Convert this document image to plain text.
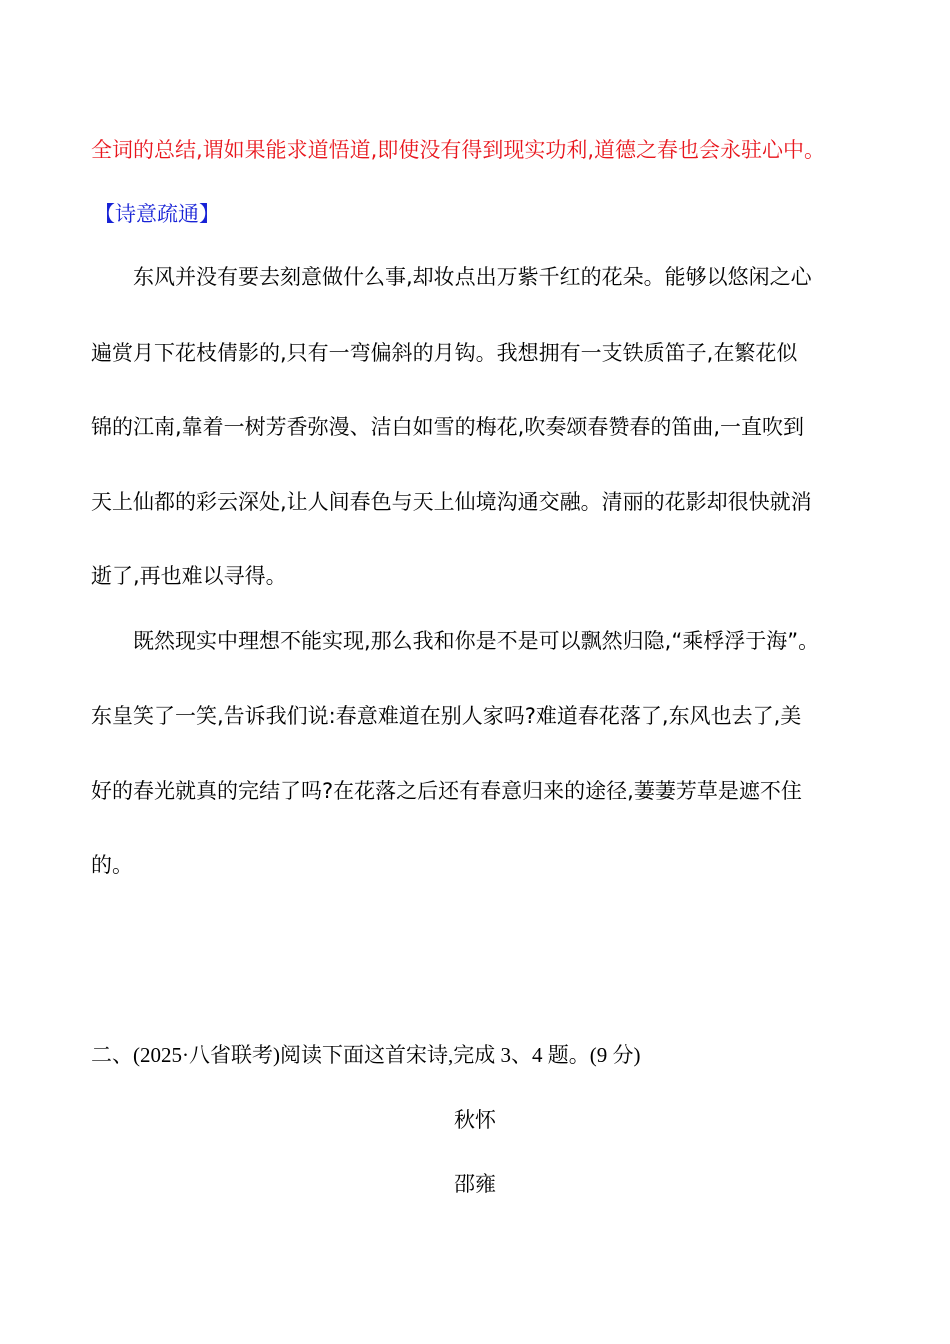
全词的总结,谓如果能求道悟道,即使没有得到现实功利,道德之春也会永驻心中。
【诗意疏通】
东风并没有要去刻意做什么事,却妆点出万紫千红的花朵。能够以悠闲之心
遍赏月下花枝倩影的,只有一弯偏斜的月钩。我想拥有一支铁质笛子,在繁花似
锦的江南,靠着一树芳香弥漫、洁白如雪的梅花,吹奏颂春赞春的笛曲,一直吹到
天上仙都的彩云深处,让人间春色与天上仙境沟通交融。清丽的花影却很快就消
逝了,再也难以寻得。
既然现实中理想不能实现,那么我和你是不是可以飘然归隐,“乘桴浮于海”。
东皇笑了一笑,告诉我们说:春意难道在别人家吗?难道春花落了,东风也去了,美
好的春光就真的完结了吗?在花落之后还有春意归来的途径,萋萋芳草是遮不住
的。
二、(2025·八省联考)阅读下面这首宋诗,完成 3、4 题。(9 分)
秋怀
邵雍
